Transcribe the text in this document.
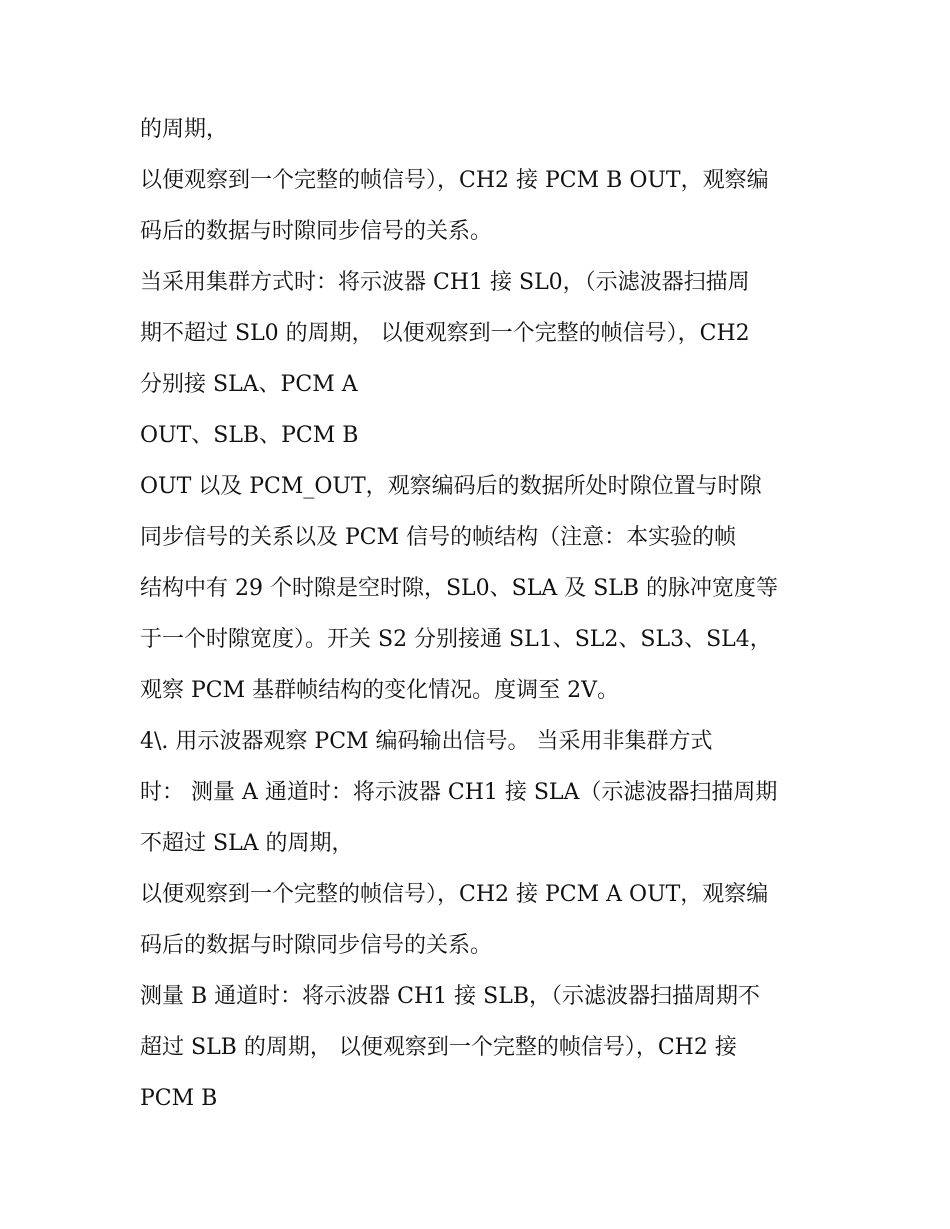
的周期，
以便观察到一个完整的帧信号），CH2 接 PCM B OUT，观察编
码后的数据与时隙同步信号的关系。
当采用集群方式时：将示波器 CH1 接 SL0，（示滤波器扫描周
期不超过 SL0 的周期， 以便观察到一个完整的帧信号），CH2
分别接 SLA、PCM A
OUT、SLB、PCM B
OUT 以及 PCM_OUT，观察编码后的数据所处时隙位置与时隙
同步信号的关系以及 PCM 信号的帧结构（注意：本实验的帧
结构中有 29 个时隙是空时隙，SL0、SLA 及 SLB 的脉冲宽度等
于一个时隙宽度）。开关 S2 分别接通 SL1、SL2、SL3、SL4，
观察 PCM 基群帧结构的变化情况。度调至 2V。
4\. 用示波器观察 PCM 编码输出信号。 当采用非集群方式
时： 测量 A 通道时：将示波器 CH1 接 SLA（示滤波器扫描周期
不超过 SLA 的周期，
以便观察到一个完整的帧信号），CH2 接 PCM A OUT，观察编
码后的数据与时隙同步信号的关系。
测量 B 通道时：将示波器 CH1 接 SLB，（示滤波器扫描周期不
超过 SLB 的周期， 以便观察到一个完整的帧信号），CH2 接
PCM B
